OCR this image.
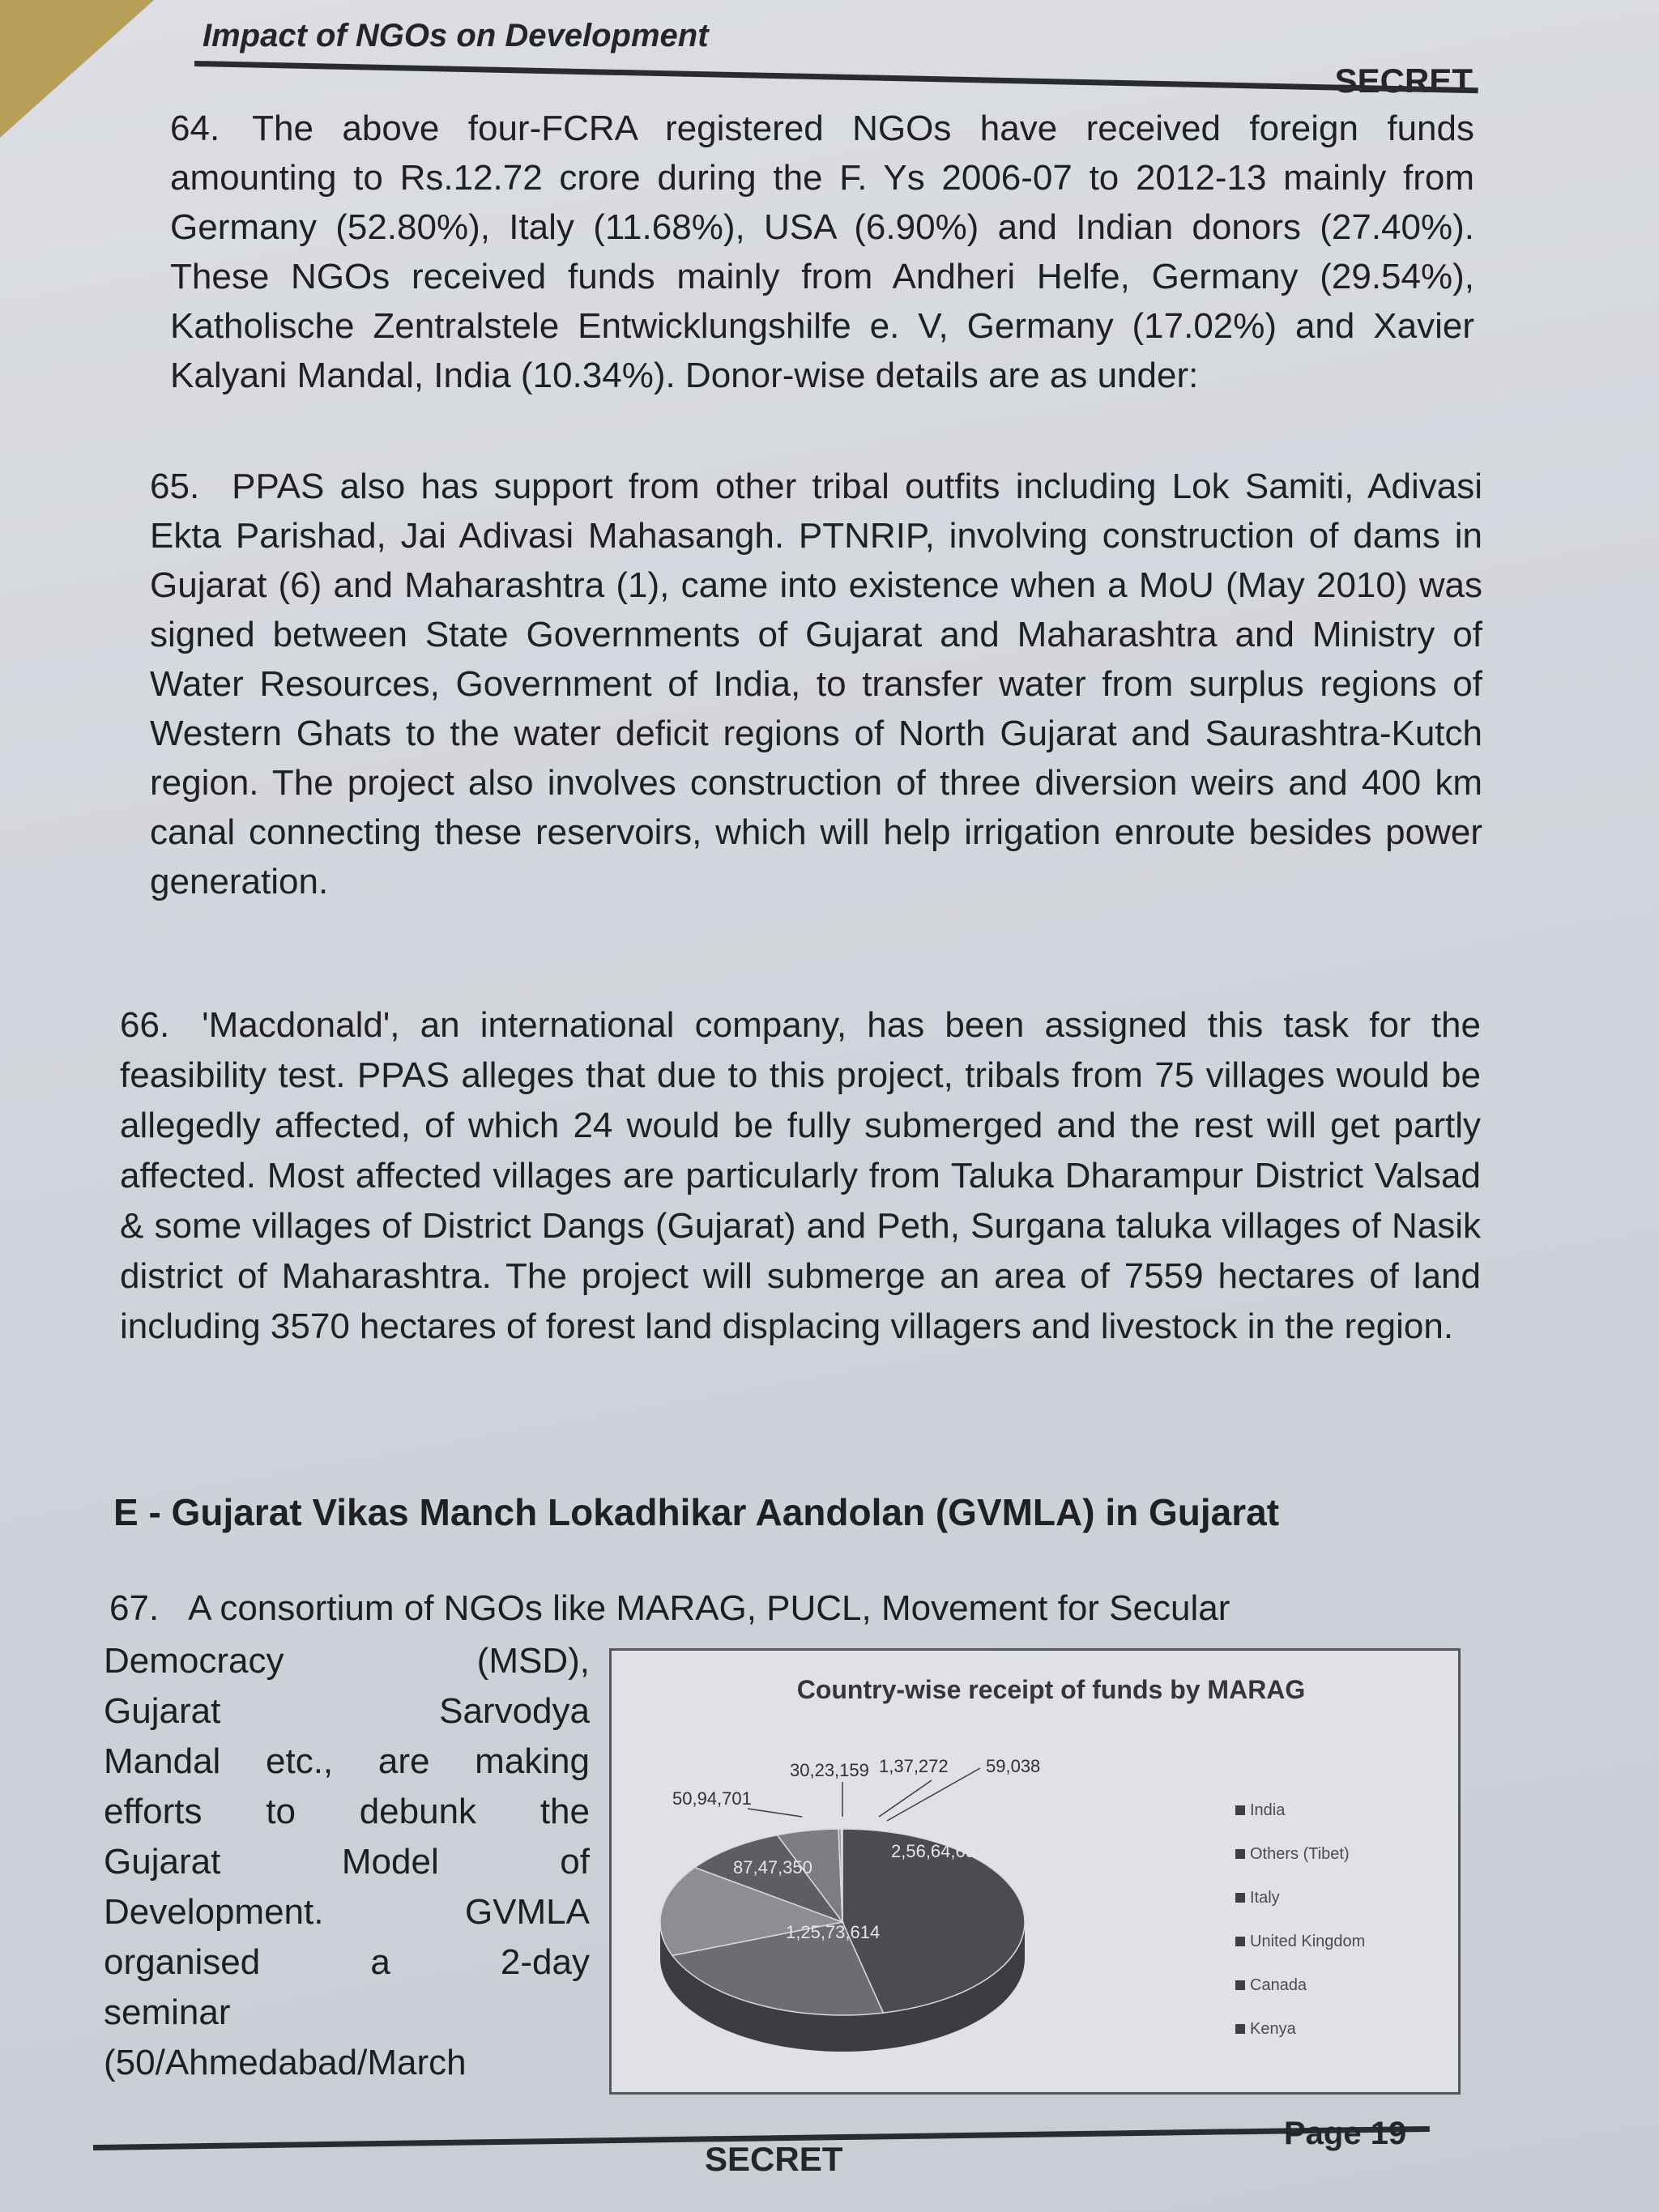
Impact of NGOs on Development
SECRET
64. The above four-FCRA registered NGOs have received foreign funds amounting to Rs.12.72 crore during the F. Ys 2006-07 to 2012-13 mainly from Germany (52.80%), Italy (11.68%), USA (6.90%) and Indian donors (27.40%). These NGOs received funds mainly from Andheri Helfe, Germany (29.54%), Katholische Zentralstele Entwicklungshilfe e. V, Germany (17.02%) and Xavier Kalyani Mandal, India (10.34%). Donor-wise details are as under:
65. PPAS also has support from other tribal outfits including Lok Samiti, Adivasi Ekta Parishad, Jai Adivasi Mahasangh. PTNRIP, involving construction of dams in Gujarat (6) and Maharashtra (1), came into existence when a MoU (May 2010) was signed between State Governments of Gujarat and Maharashtra and Ministry of Water Resources, Government of India, to transfer water from surplus regions of Western Ghats to the water deficit regions of North Gujarat and Saurashtra-Kutch region. The project also involves construction of three diversion weirs and 400 km canal connecting these reservoirs, which will help irrigation enroute besides power generation.
66. 'Macdonald', an international company, has been assigned this task for the feasibility test. PPAS alleges that due to this project, tribals from 75 villages would be allegedly affected, of which 24 would be fully submerged and the rest will get partly affected. Most affected villages are particularly from Taluka Dharampur District Valsad & some villages of District Dangs (Gujarat) and Peth, Surgana taluka villages of Nasik district of Maharashtra. The project will submerge an area of 7559 hectares of land including 3570 hectares of forest land displacing villagers and livestock in the region.
E - Gujarat Vikas Manch Lokadhikar Aandolan (GVMLA) in Gujarat
67. A consortium of NGOs like MARAG, PUCL, Movement for Secular
Democracy (MSD),
Gujarat Sarvodya
Mandal etc., are making
efforts to debunk the
Gujarat Model of
Development. GVMLA
organised a 2-day
seminar
(50/Ahmedabad/March
Country-wise receipt of funds by MARAG
2,56,64,693
1,25,73,614
87,47,350
50,94,701
30,23,159 1,37,272 59,038
India
Others (Tibet)
Italy
United Kingdom
Canada
Kenya
SECRET
Page 19
